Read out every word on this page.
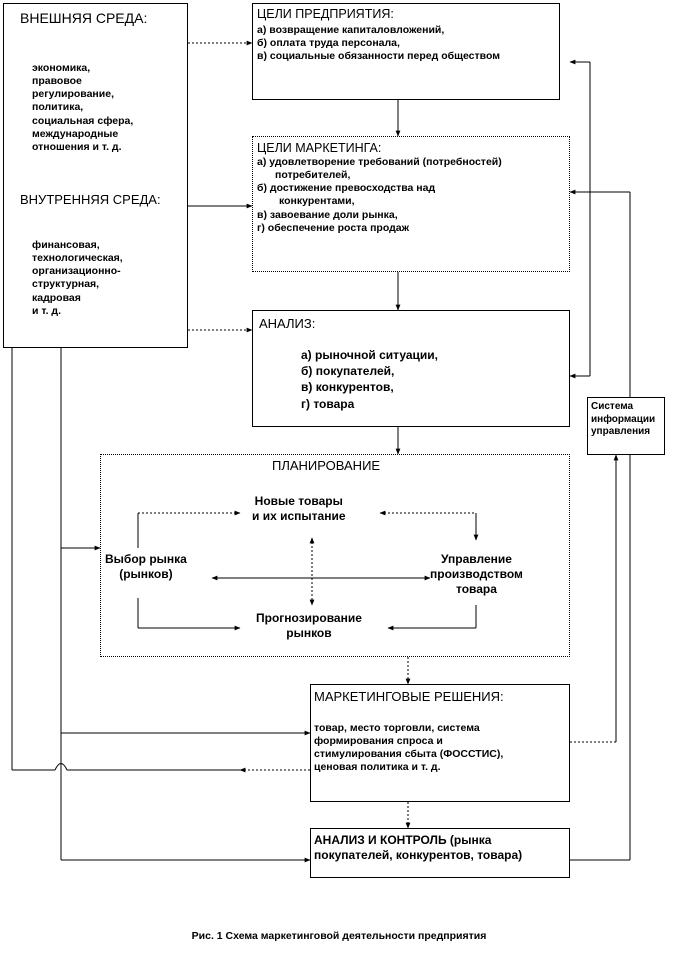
ВНЕШНЯЯ СРЕДА:
экономика,
правовое
регулирование,
политика,
социальная сфера,
международные
отношения и т. д.
ВНУТРЕННЯЯ СРЕДА:
финансовая,
технологическая,
организационно-
структурная,
кадровая
и т. д.
ЦЕЛИ ПРЕДПРИЯТИЯ:
а) возвращение капиталовложений,
б) оплата труда персонала,
в) социальные обязанности перед обществом
ЦЕЛИ МАРКЕТИНГА:
а) удовлетворение требований (потребностей)
потребителей,
б) достижение превосходства над
конкурентами,
в) завоевание доли рынка,
г) обеспечение роста продаж
АНАЛИЗ:
а) рыночной ситуации,
б) покупателей,
в) конкурентов,
г) товара	Система
информации
управления
ПЛАНИРОВАНИЕ
Новые товары
и их испытание
Выбор рынка
(рынков)
Управление
производством
товара
Прогнозирование
рынков
МАРКЕТИНГОВЫЕ РЕШЕНИЯ:
товар, место торговли, система
формирования спроса и
стимулирования сбыта (ФОССТИС),
ценовая политика и т. д.
АНАЛИЗ И КОНТРОЛЬ (рынка
покупателей, конкурентов, товара)
Рис. 1 Схема маркетинговой деятельности предприятия
